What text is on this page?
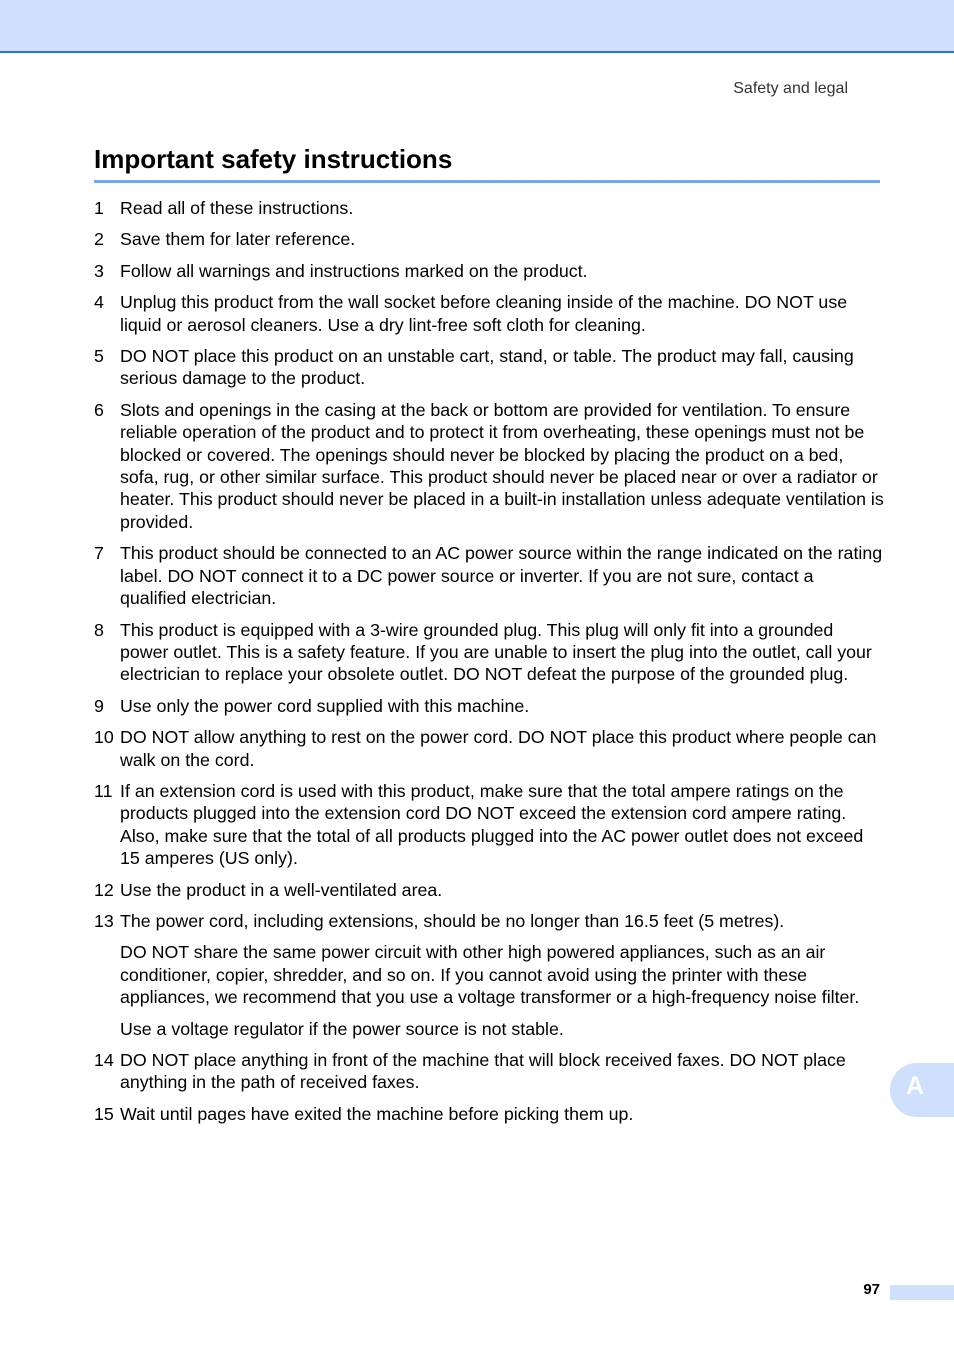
Safety and legal
Important safety instructions
1 Read all of these instructions.
2 Save them for later reference.
3 Follow all warnings and instructions marked on the product.
4 Unplug this product from the wall socket before cleaning inside of the machine. DO NOT use liquid or aerosol cleaners. Use a dry lint-free soft cloth for cleaning.
5 DO NOT place this product on an unstable cart, stand, or table. The product may fall, causing serious damage to the product.
6 Slots and openings in the casing at the back or bottom are provided for ventilation. To ensure reliable operation of the product and to protect it from overheating, these openings must not be blocked or covered. The openings should never be blocked by placing the product on a bed, sofa, rug, or other similar surface. This product should never be placed near or over a radiator or heater. This product should never be placed in a built-in installation unless adequate ventilation is provided.
7 This product should be connected to an AC power source within the range indicated on the rating label. DO NOT connect it to a DC power source or inverter. If you are not sure, contact a qualified electrician.
8 This product is equipped with a 3-wire grounded plug. This plug will only fit into a grounded power outlet. This is a safety feature. If you are unable to insert the plug into the outlet, call your electrician to replace your obsolete outlet. DO NOT defeat the purpose of the grounded plug.
9 Use only the power cord supplied with this machine.
10 DO NOT allow anything to rest on the power cord. DO NOT place this product where people can walk on the cord.
11 If an extension cord is used with this product, make sure that the total ampere ratings on the products plugged into the extension cord DO NOT exceed the extension cord ampere rating. Also, make sure that the total of all products plugged into the AC power outlet does not exceed 15 amperes (US only).
12 Use the product in a well-ventilated area.
13 The power cord, including extensions, should be no longer than 16.5 feet (5 metres).
DO NOT share the same power circuit with other high powered appliances, such as an air conditioner, copier, shredder, and so on. If you cannot avoid using the printer with these appliances, we recommend that you use a voltage transformer or a high-frequency noise filter.
Use a voltage regulator if the power source is not stable.
14 DO NOT place anything in front of the machine that will block received faxes. DO NOT place anything in the path of received faxes.
15 Wait until pages have exited the machine before picking them up.
A
97
